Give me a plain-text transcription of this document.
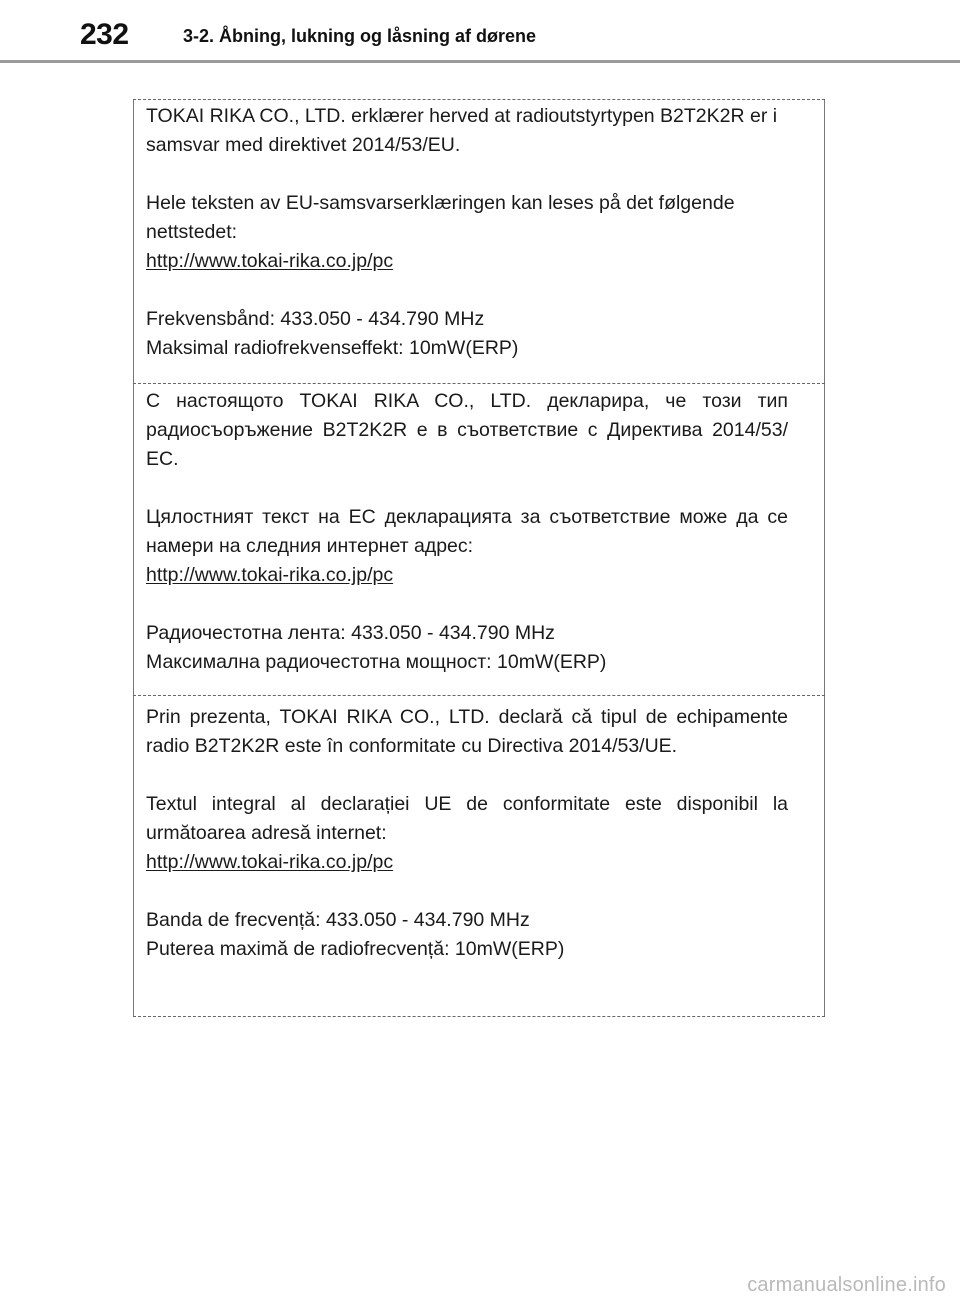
232	3-2. Åbning, lukning og låsning af dørene

TOKAI RIKA CO., LTD. erklærer herved at radioutstyrtypen B2T2K2R er i samsvar med direktivet 2014/53/EU.

Hele teksten av EU-samsvarserklæringen kan leses på det følgende nettstedet:

http://www.tokai-rika.co.jp/pc

Frekvensbånd: 433.050 - 434.790 MHz

Maksimal radiofrekvenseffekt: 10mW(ERP)

С настоящото TOKAI RIKA CO., LTD. декларира, че този тип радиосъоръжение B2T2K2R е в съответствие с Директива 2014/53/ЕС.

Цялостният текст на ЕС декларацията за съответствие може да се намери на следния интернет адрес:

http://www.tokai-rika.co.jp/pc

Радиочестотна лента: 433.050 - 434.790 MHz

Максимална радиочестотна мощност: 10mW(ERP)

Prin prezenta, TOKAI RIKA CO., LTD. declară că tipul de echipamente radio B2T2K2R este în conformitate cu Directiva 2014/53/UE.

Textul integral al declarației UE de conformitate este disponibil la următoarea adresă internet:

http://www.tokai-rika.co.jp/pc

Banda de frecvență: 433.050 - 434.790 MHz

Puterea maximă de radiofrecvență: 10mW(ERP)

carmanualsonline.info
